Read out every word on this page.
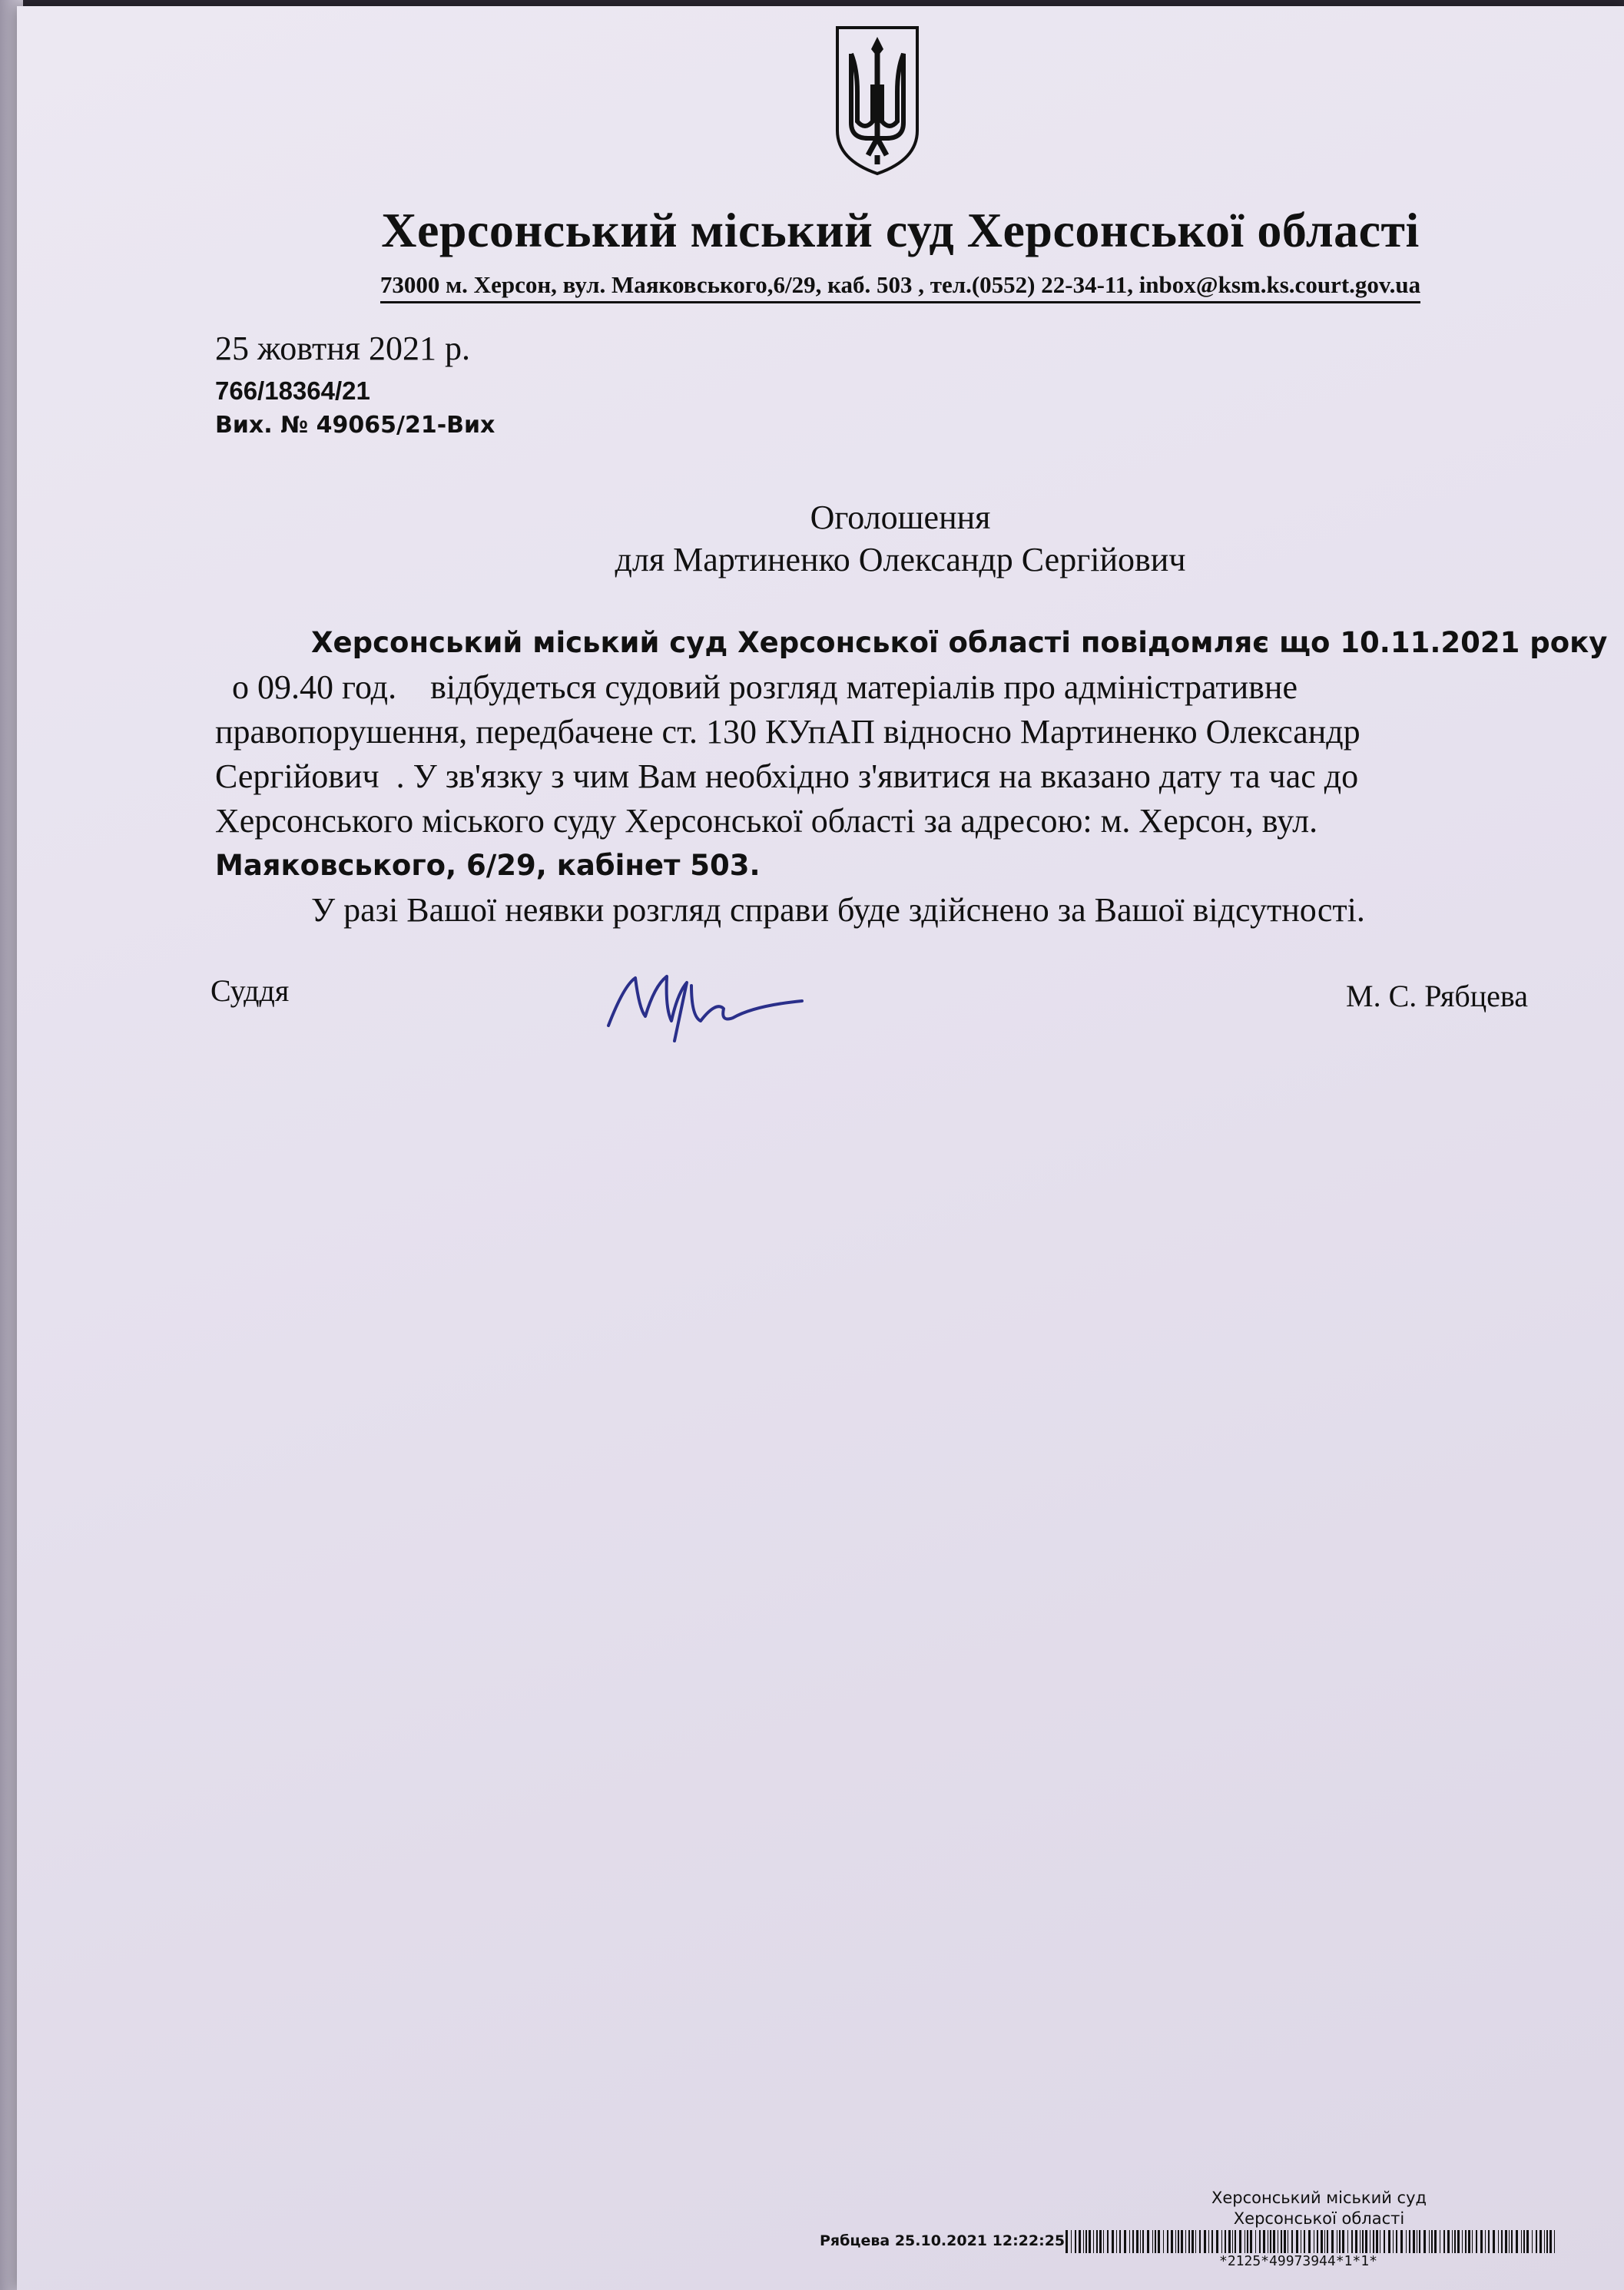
Херсонський міський суд Херсонської області
73000 м. Херсон, вул. Маяковського,6/29, каб. 503 , тел.(0552) 22-34-11, inbox@ksm.ks.court.gov.ua
25 жовтня 2021 р.
766/18364/21
Вих. № 49065/21-Вих
Оголошення
для Мартиненко Олександр Сергійович
Херсонський міський суд Херсонської області повідомляє що 10.11.2021 року
о 09.40 год.    відбудеться судовий розгляд матеріалів про адміністративне
правопорушення, передбачене ст. 130 КУпАП відносно Мартиненко Олександр
Сергійович  . У зв'язку з чим Вам необхідно з'явитися на вказано дату та час до
Херсонського міського суду Херсонської області за адресою: м. Херсон, вул.
Маяковського, 6/29, кабінет 503.
У разі Вашої неявки розгляд справи буде здійснено за Вашої відсутності.
Суддя	М. С. Рябцева
Херсонський міський суд
Херсонської області
Рябцева 25.10.2021 12:22:25
*2125*49973944*1*1*
